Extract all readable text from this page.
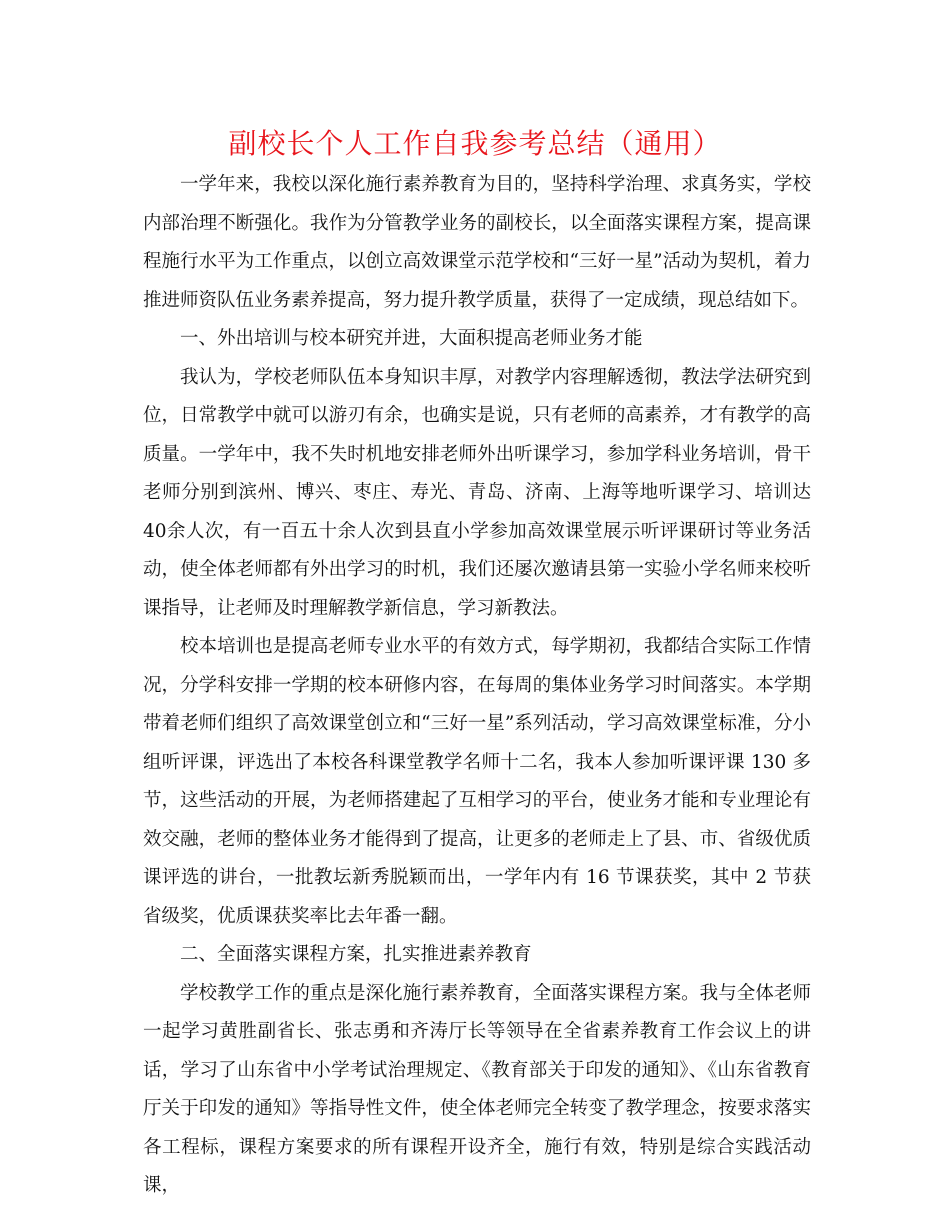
副校长个人工作自我参考总结（通用）

一学年来，我校以深化施行素养教育为目的，坚持科学治理、求真务实，学校内部治理不断强化。我作为分管教学业务的副校长，以全面落实课程方案，提高课程施行水平为工作重点，以创立高效课堂示范学校和“三好一星”活动为契机，着力推进师资队伍业务素养提高，努力提升教学质量，获得了一定成绩，现总结如下。

一、外出培训与校本研究并进，大面积提高老师业务才能

我认为，学校老师队伍本身知识丰厚，对教学内容理解透彻，教法学法研究到位，日常教学中就可以游刃有余，也确实是说，只有老师的高素养，才有教学的高质量。一学年中，我不失时机地安排老师外出听课学习，参加学科业务培训，骨干老师分别到滨州、博兴、枣庄、寿光、青岛、济南、上海等地听课学习、培训达40余人次，有一百五十余人次到县直小学参加高效课堂展示听评课研讨等业务活动，使全体老师都有外出学习的时机，我们还屡次邀请县第一实验小学名师来校听课指导，让老师及时理解教学新信息，学习新教法。

校本培训也是提高老师专业水平的有效方式，每学期初，我都结合实际工作情况，分学科安排一学期的校本研修内容，在每周的集体业务学习时间落实。本学期带着老师们组织了高效课堂创立和“三好一星”系列活动，学习高效课堂标准，分小组听评课，评选出了本校各科课堂教学名师十二名，我本人参加听课评课 130 多节，这些活动的开展，为老师搭建起了互相学习的平台，使业务才能和专业理论有效交融，老师的整体业务才能得到了提高，让更多的老师走上了县、市、省级优质课评选的讲台，一批教坛新秀脱颖而出，一学年内有 16 节课获奖，其中 2 节获省级奖，优质课获奖率比去年番一翻。

二、全面落实课程方案，扎实推进素养教育

学校教学工作的重点是深化施行素养教育，全面落实课程方案。我与全体老师一起学习黄胜副省长、张志勇和齐涛厅长等领导在全省素养教育工作会议上的讲话，学习了山东省中小学考试治理规定、《教育部关于印发的通知》、《山东省教育厅关于印发的通知》等指导性文件，使全体老师完全转变了教学理念，按要求落实各工程标，课程方案要求的所有课程开设齐全，施行有效，特别是综合实践活动课，
